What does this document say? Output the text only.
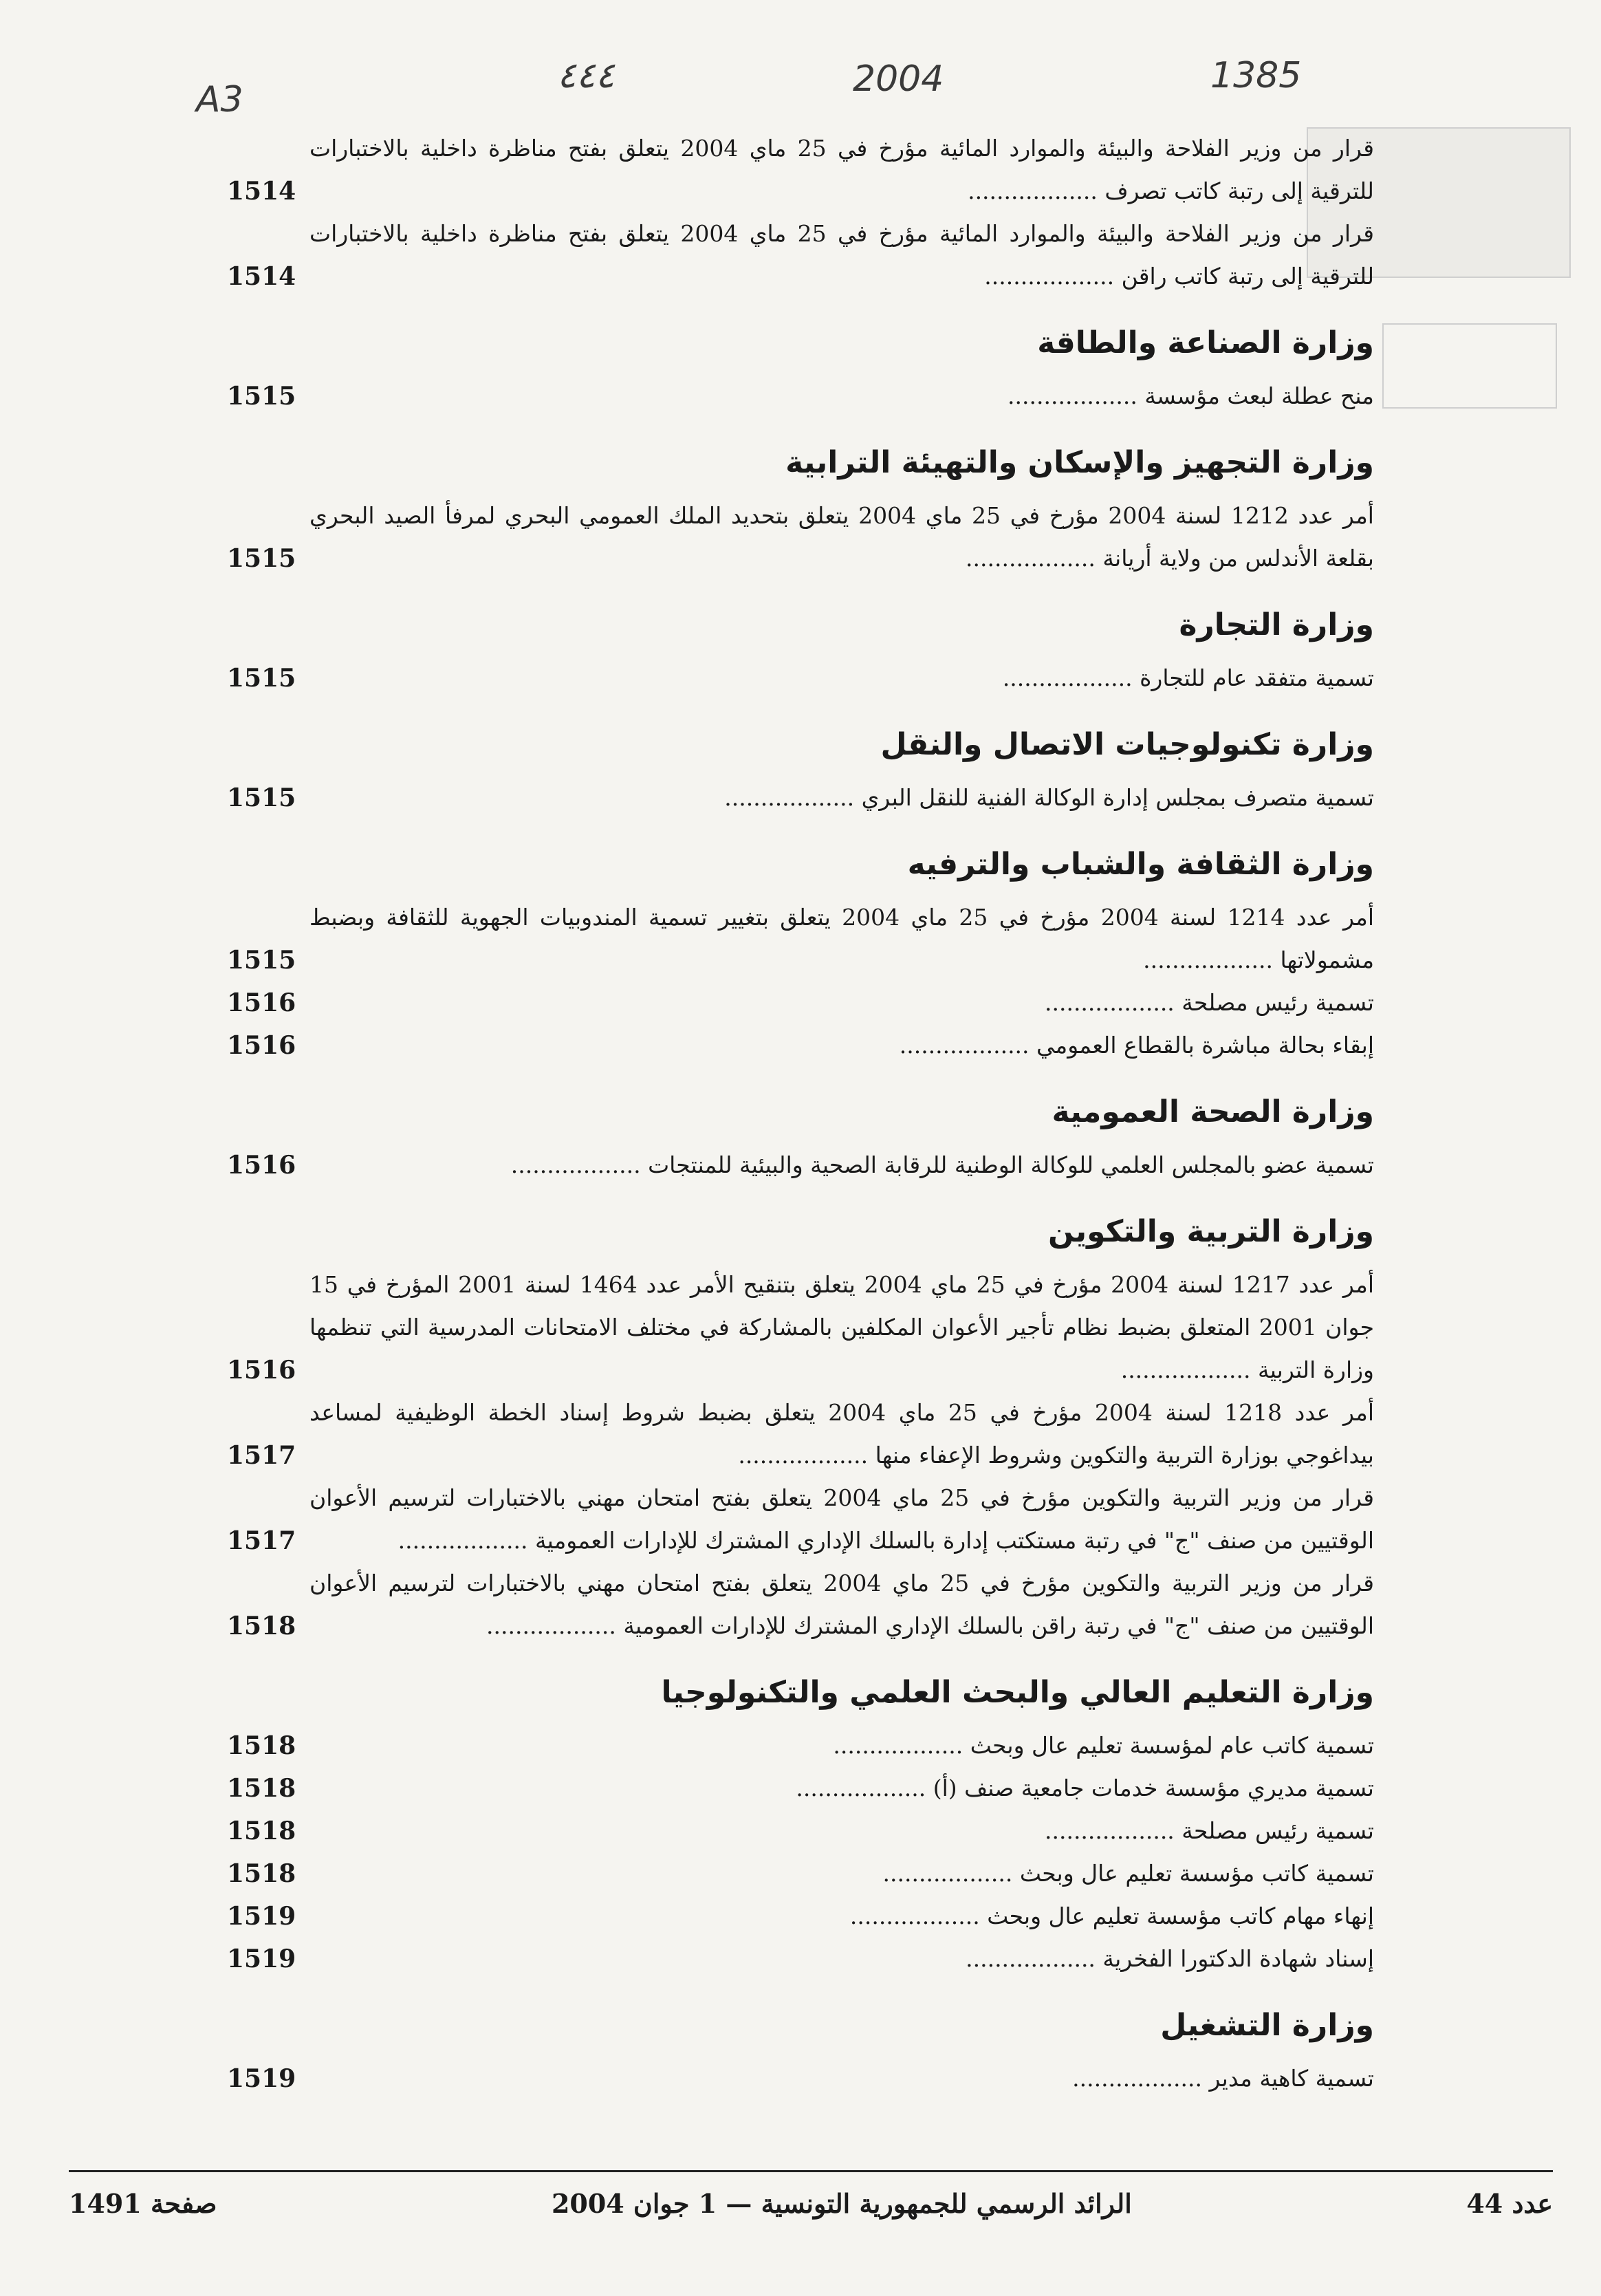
A3
٤٤٤	2004	1385
قرار من وزير الفلاحة والبيئة والموارد المائية مؤرخ في 25 ماي 2004 يتعلق بفتح مناظرة داخلية بالاختبارات للترقية إلى رتبة كاتب تصرف ..................
1514
قرار من وزير الفلاحة والبيئة والموارد المائية مؤرخ في 25 ماي 2004 يتعلق بفتح مناظرة داخلية بالاختبارات للترقية إلى رتبة كاتب راقن ..................
1514
وزارة الصناعة والطاقة
منح عطلة لبعث مؤسسة ..................
1515
وزارة التجهيز والإسكان والتهيئة الترابية
أمر عدد 1212 لسنة 2004 مؤرخ في 25 ماي 2004 يتعلق بتحديد الملك العمومي البحري لمرفأ الصيد البحري بقلعة الأندلس من ولاية أريانة ..................
1515
وزارة التجارة
تسمية متفقد عام للتجارة ..................
1515
وزارة تكنولوجيات الاتصال والنقل
تسمية متصرف بمجلس إدارة الوكالة الفنية للنقل البري ..................
1515
وزارة الثقافة والشباب والترفيه
أمر عدد 1214 لسنة 2004 مؤرخ في 25 ماي 2004 يتعلق بتغيير تسمية المندوبيات الجهوية للثقافة وبضبط مشمولاتها ..................
1515
تسمية رئيس مصلحة ..................
1516
إبقاء بحالة مباشرة بالقطاع العمومي ..................
1516
وزارة الصحة العمومية
تسمية عضو بالمجلس العلمي للوكالة الوطنية للرقابة الصحية والبيئية للمنتجات ..................
1516
وزارة التربية والتكوين
أمر عدد 1217 لسنة 2004 مؤرخ في 25 ماي 2004 يتعلق بتنقيح الأمر عدد 1464 لسنة 2001 المؤرخ في 15 جوان 2001 المتعلق بضبط نظام تأجير الأعوان المكلفين بالمشاركة في مختلف الامتحانات المدرسية التي تنظمها وزارة التربية ..................
1516
أمر عدد 1218 لسنة 2004 مؤرخ في 25 ماي 2004 يتعلق بضبط شروط إسناد الخطة الوظيفية لمساعد بيداغوجي بوزارة التربية والتكوين وشروط الإعفاء منها ..................
1517
قرار من وزير التربية والتكوين مؤرخ في 25 ماي 2004 يتعلق بفتح امتحان مهني بالاختبارات لترسيم الأعوان الوقتيين من صنف "ج" في رتبة مستكتب إدارة بالسلك الإداري المشترك للإدارات العمومية ..................
1517
قرار من وزير التربية والتكوين مؤرخ في 25 ماي 2004 يتعلق بفتح امتحان مهني بالاختبارات لترسيم الأعوان الوقتيين من صنف "ج" في رتبة راقن بالسلك الإداري المشترك للإدارات العمومية ..................
1518
وزارة التعليم العالي والبحث العلمي والتكنولوجيا
تسمية كاتب عام لمؤسسة تعليم عال وبحث ..................
1518
تسمية مديري مؤسسة خدمات جامعية صنف (أ) ..................
1518
تسمية رئيس مصلحة ..................
1518
تسمية كاتب مؤسسة تعليم عال وبحث ..................
1518
إنهاء مهام كاتب مؤسسة تعليم عال وبحث ..................
1519
إسناد شهادة الدكتورا الفخرية ..................
1519
وزارة التشغيل
تسمية كاهية مدير ..................
1519
عدد 44
الرائد الرسمي للجمهورية التونسية — 1 جوان 2004
صفحة 1491
